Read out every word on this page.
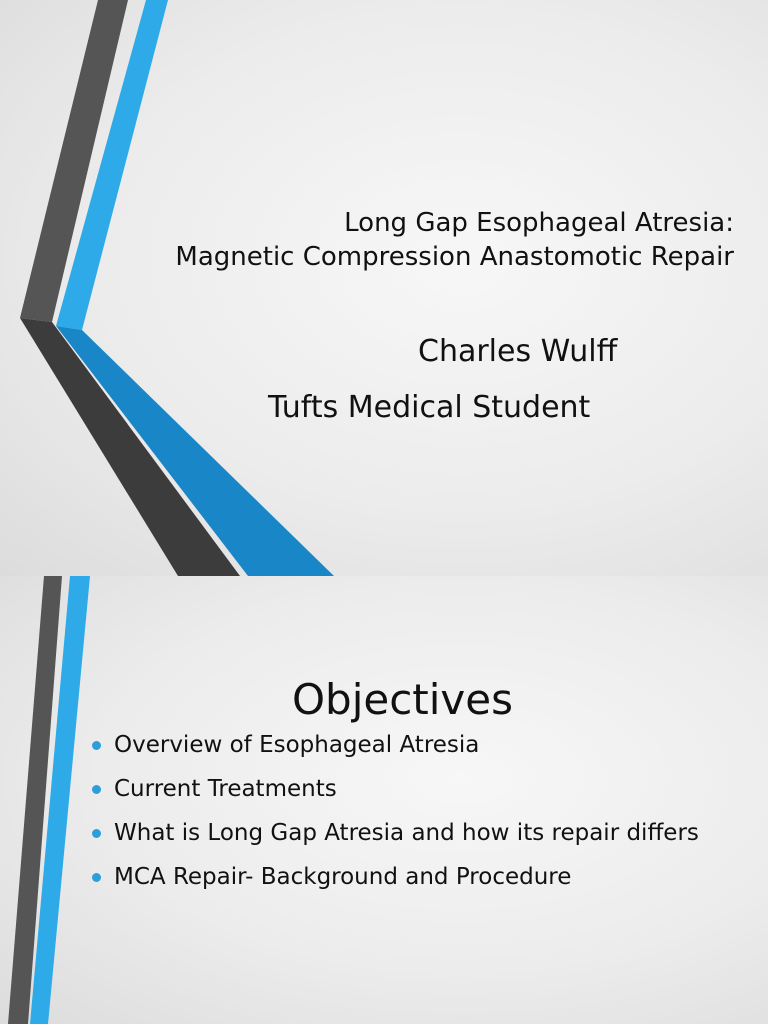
Long Gap Esophageal Atresia:
Magnetic Compression Anastomotic Repair
Charles Wulff
Tufts Medical Student
Objectives
Overview of Esophageal Atresia
Current Treatments
What is Long Gap Atresia and how its repair differs
MCA Repair- Background and Procedure
